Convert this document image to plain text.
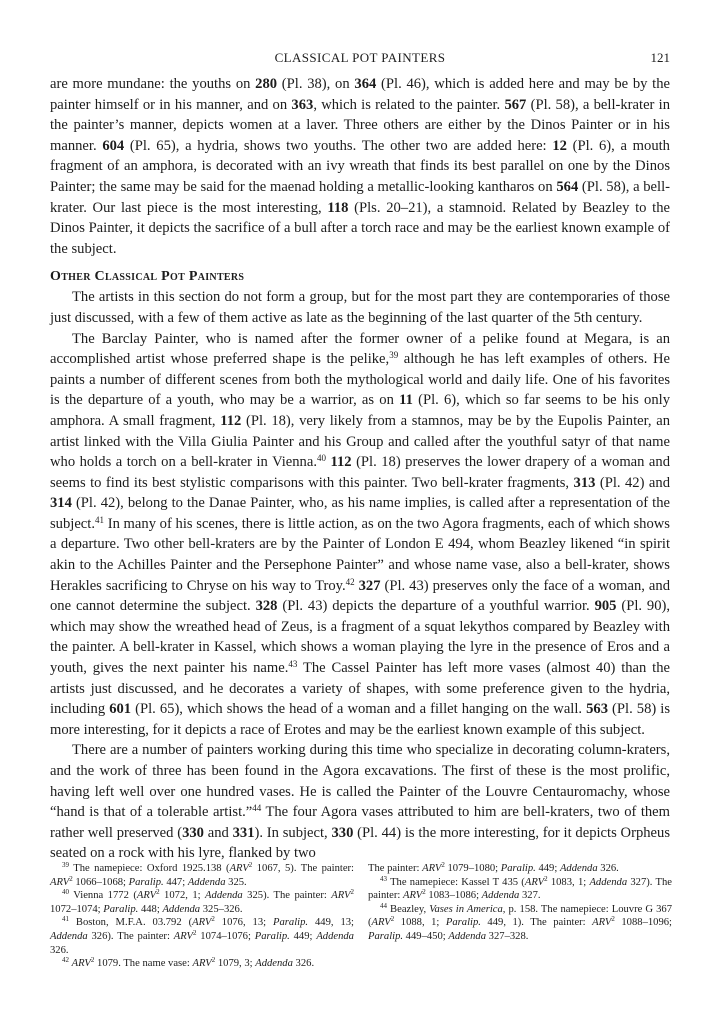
CLASSICAL POT PAINTERS	121

are more mundane: the youths on 280 (Pl. 38), on 364 (Pl. 46), which is added here and may be by the painter himself or in his manner, and on 363, which is related to the painter. 567 (Pl. 58), a bell-krater in the painter’s manner, depicts women at a laver. Three others are either by the Dinos Painter or in his manner. 604 (Pl. 65), a hydria, shows two youths. The other two are added here: 12 (Pl. 6), a mouth fragment of an amphora, is decorated with an ivy wreath that finds its best parallel on one by the Dinos Painter; the same may be said for the maenad holding a metallic-looking kantharos on 564 (Pl. 58), a bell-krater. Our last piece is the most interesting, 118 (Pls. 20–21), a stamnoid. Related by Beazley to the Dinos Painter, it depicts the sacrifice of a bull after a torch race and may be the earliest known example of the subject.

Other Classical Pot Painters

The artists in this section do not form a group, but for the most part they are contemporaries of those just discussed, with a few of them active as late as the beginning of the last quarter of the 5th century.

The Barclay Painter, who is named after the former owner of a pelike found at Megara, is an accomplished artist whose preferred shape is the pelike,$^{39}$ although he has left examples of others. He paints a number of different scenes from both the mythological world and daily life. One of his favorites is the departure of a youth, who may be a warrior, as on 11 (Pl. 6), which so far seems to be his only amphora. A small fragment, 112 (Pl. 18), very likely from a stamnos, may be by the Eupolis Painter, an artist linked with the Villa Giulia Painter and his Group and called after the youthful satyr of that name who holds a torch on a bell-krater in Vienna.$^{40}$ 112 (Pl. 18) preserves the lower drapery of a woman and seems to find its best stylistic comparisons with this painter. Two bell-krater fragments, 313 (Pl. 42) and 314 (Pl. 42), belong to the Danae Painter, who, as his name implies, is called after a representation of the subject.$^{41}$ In many of his scenes, there is little action, as on the two Agora fragments, each of which shows a departure. Two other bell-kraters are by the Painter of London E 494, whom Beazley likened “in spirit akin to the Achilles Painter and the Persephone Painter” and whose name vase, also a bell-krater, shows Herakles sacrificing to Chryse on his way to Troy.$^{42}$ 327 (Pl. 43) preserves only the face of a woman, and one cannot determine the subject. 328 (Pl. 43) depicts the departure of a youthful warrior. 905 (Pl. 90), which may show the wreathed head of Zeus, is a fragment of a squat lekythos compared by Beazley with the painter. A bell-krater in Kassel, which shows a woman playing the lyre in the presence of Eros and a youth, gives the next painter his name.$^{43}$ The Cassel Painter has left more vases (almost 40) than the artists just discussed, and he decorates a variety of shapes, with some preference given to the hydria, including 601 (Pl. 65), which shows the head of a woman and a fillet hanging on the wall. 563 (Pl. 58) is more interesting, for it depicts a race of Erotes and may be the earliest known example of this subject.

There are a number of painters working during this time who specialize in decorating column-kraters, and the work of three has been found in the Agora excavations. The first of these is the most prolific, having left well over one hundred vases. He is called the Painter of the Louvre Centauromachy, whose “hand is that of a tolerable artist.”$^{44}$ The four Agora vases attributed to him are bell-kraters, two of them rather well preserved (330 and 331). In subject, 330 (Pl. 44) is the more interesting, for it depicts Orpheus seated on a rock with his lyre, flanked by two

$^{39}$ The namepiece: Oxford 1925.138 (ARV$^2$ 1067, 5). The painter: ARV$^2$ 1066–1068; Paralip. 447; Addenda 325.

$^{40}$ Vienna 1772 (ARV$^2$ 1072, 1; Addenda 325). The painter: ARV$^2$ 1072–1074; Paralip. 448; Addenda 325–326.

$^{41}$ Boston, M.F.A. 03.792 (ARV$^2$ 1076, 13; Paralip. 449, 13; Addenda 326). The painter: ARV$^2$ 1074–1076; Paralip. 449; Addenda 326.

$^{42}$ ARV$^2$ 1079. The name vase: ARV$^2$ 1079, 3; Addenda 326.

The painter: ARV$^2$ 1079–1080; Paralip. 449; Addenda 326.

$^{43}$ The namepiece: Kassel T 435 (ARV$^2$ 1083, 1; Addenda 327). The painter: ARV$^2$ 1083–1086; Addenda 327.

$^{44}$ Beazley, Vases in America, p. 158. The namepiece: Louvre G 367 (ARV$^2$ 1088, 1; Paralip. 449, 1). The painter: ARV$^2$ 1088–1096; Paralip. 449–450; Addenda 327–328.
